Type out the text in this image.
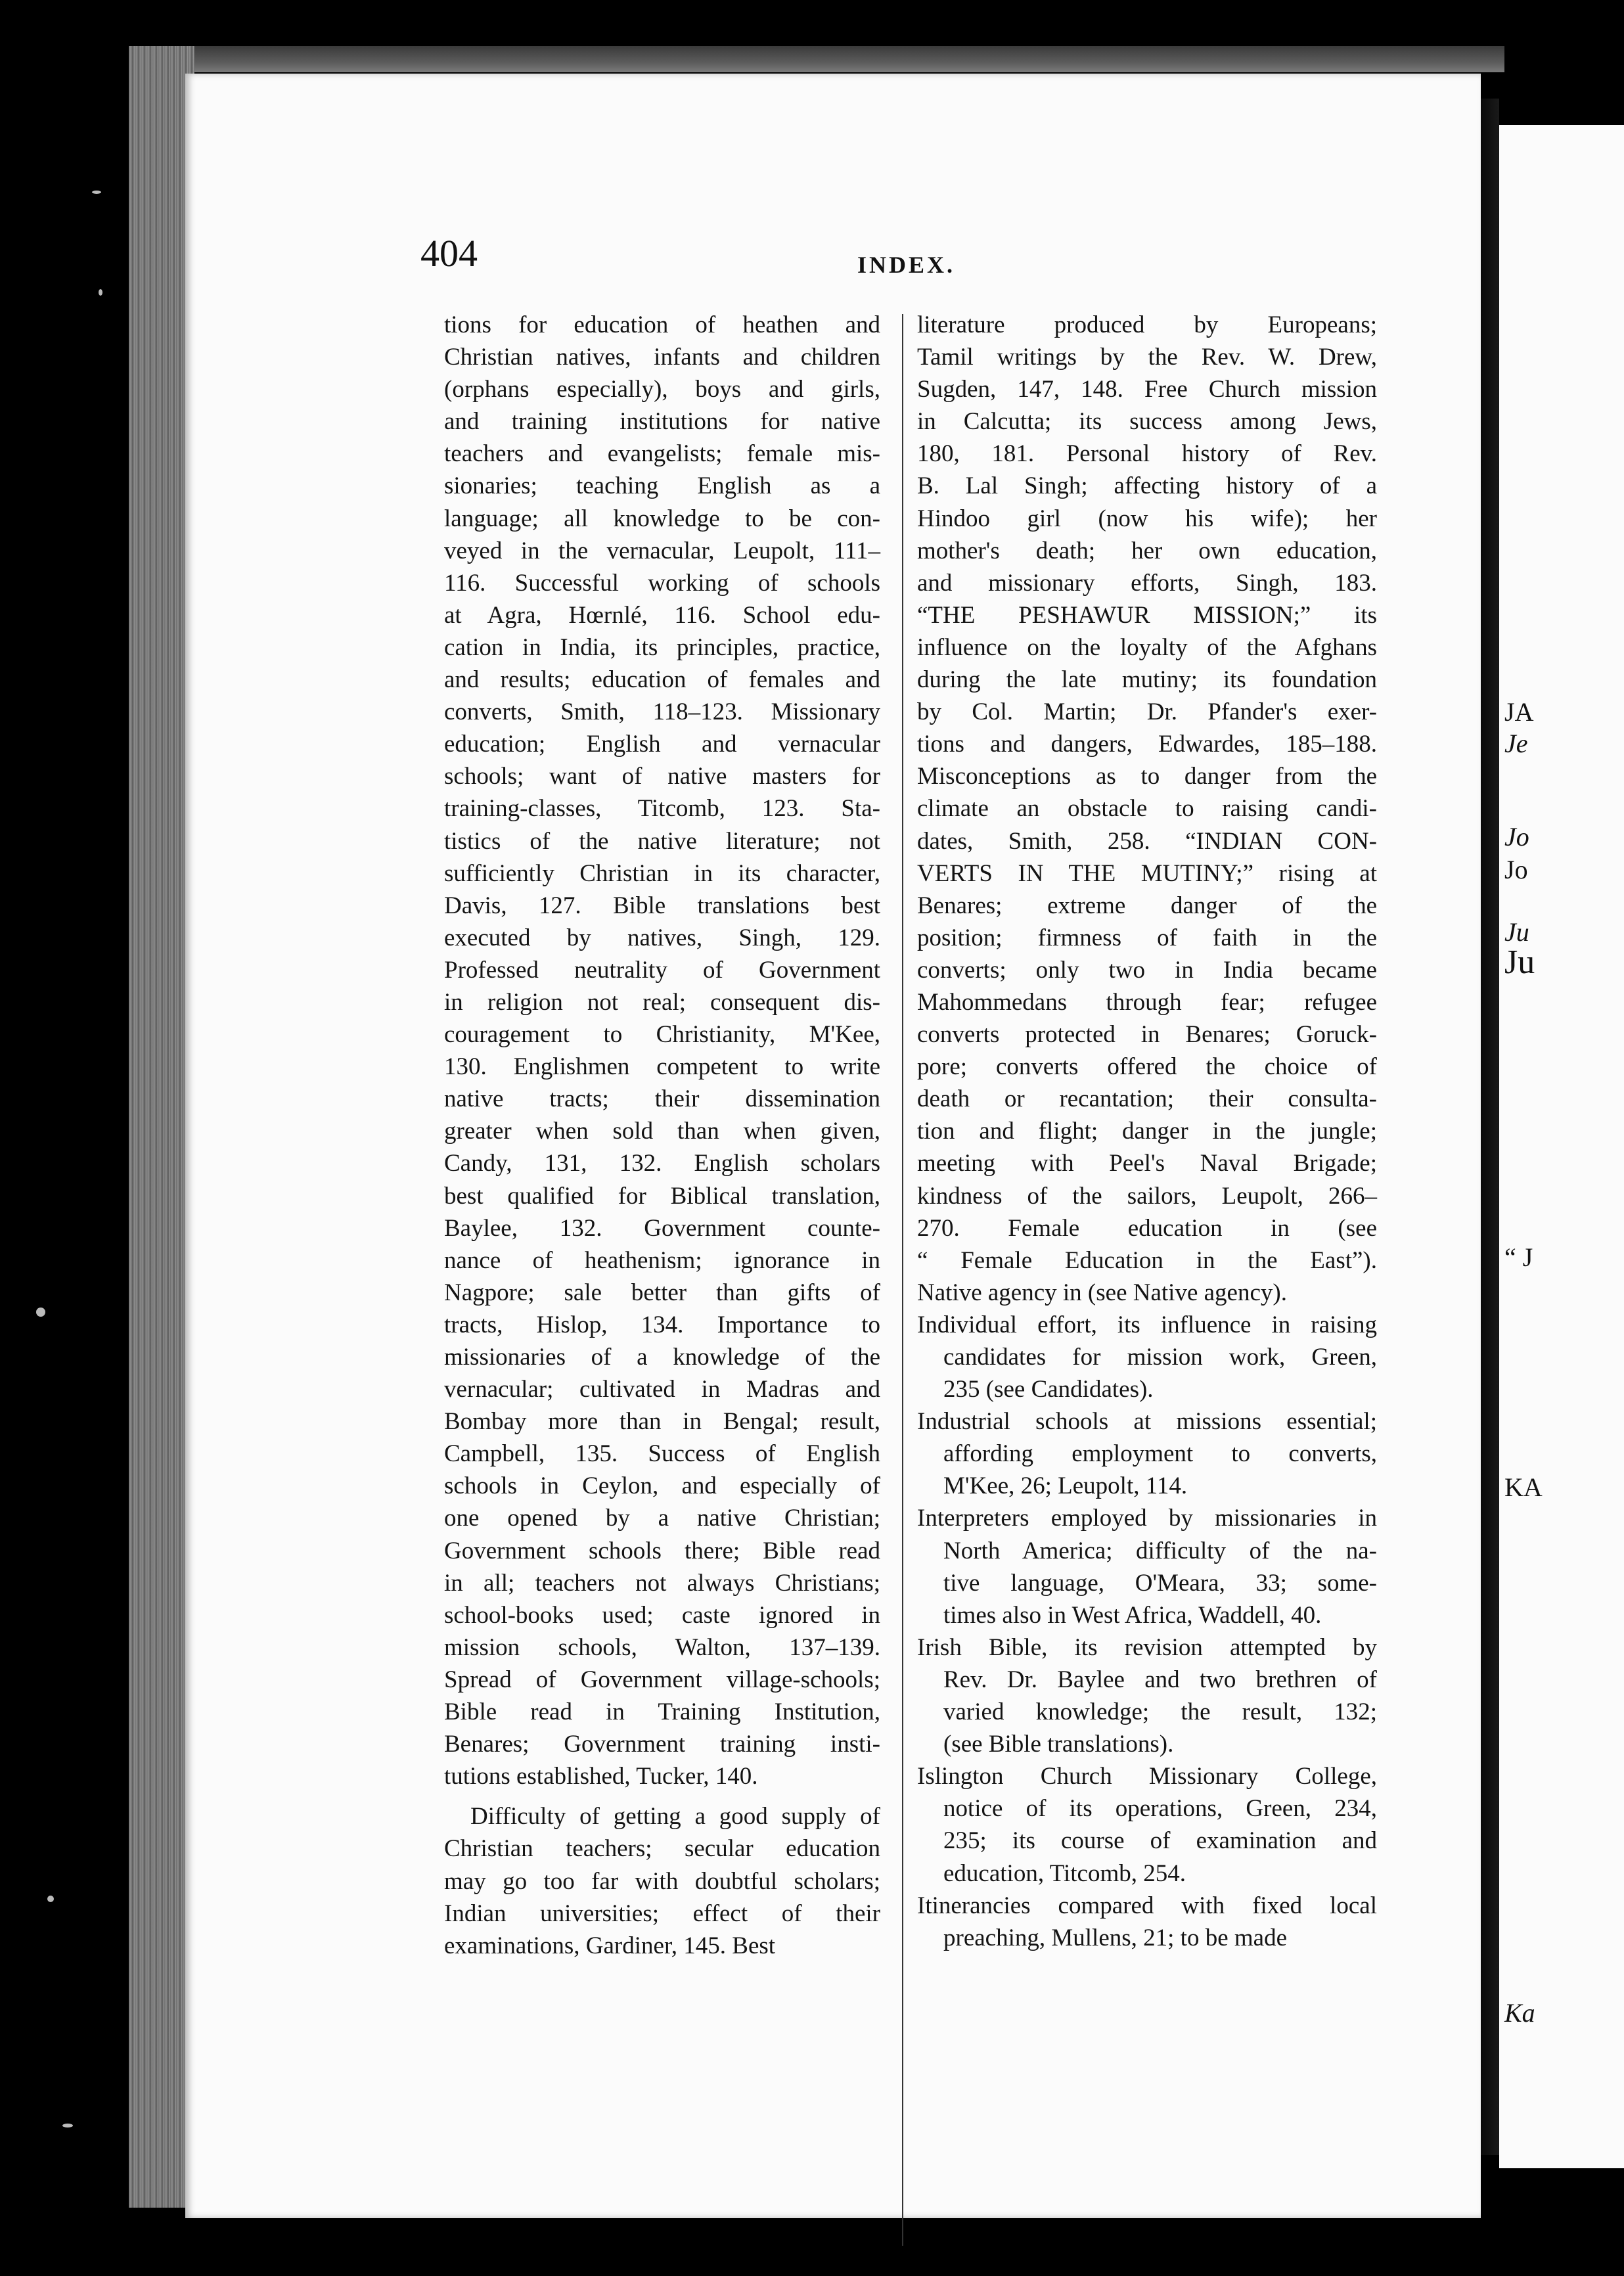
404	INDEX.
tions for education of heathen and
Christian natives, infants and children
(orphans especially), boys and girls,
and training institutions for native
teachers and evangelists; female mis-
sionaries; teaching English as a
language; all knowledge to be con-
veyed in the vernacular, Leupolt, 111–
116. Successful working of schools
at Agra, Hœrnlé, 116. School edu-
cation in India, its principles, practice,
and results; education of females and
converts, Smith, 118–123. Missionary
education; English and vernacular
schools; want of native masters for
training-classes, Titcomb, 123. Sta-
tistics of the native literature; not
sufficiently Christian in its character,
Davis, 127. Bible translations best
executed by natives, Singh, 129.
Professed neutrality of Government
in religion not real; consequent dis-
couragement to Christianity, M'Kee,
130. Englishmen competent to write
native tracts; their dissemination
greater when sold than when given,
Candy, 131, 132. English scholars
best qualified for Biblical translation,
Baylee, 132. Government counte-
nance of heathenism; ignorance in
Nagpore; sale better than gifts of
tracts, Hislop, 134. Importance to
missionaries of a knowledge of the
vernacular; cultivated in Madras and
Bombay more than in Bengal; result,
Campbell, 135. Success of English
schools in Ceylon, and especially of
one opened by a native Christian;
Government schools there; Bible read
in all; teachers not always Christians;
school-books used; caste ignored in
mission schools, Walton, 137–139.
Spread of Government village-schools;
Bible read in Training Institution,
Benares; Government training insti-
tutions established, Tucker, 140.
Difficulty of getting a good supply of
Christian teachers; secular education
may go too far with doubtful scholars;
Indian universities; effect of their
examinations, Gardiner, 145. Best
literature produced by Europeans;
Tamil writings by the Rev. W. Drew,
Sugden, 147, 148. Free Church mission
in Calcutta; its success among Jews,
180, 181. Personal history of Rev.
B. Lal Singh; affecting history of a
Hindoo girl (now his wife); her
mother's death; her own education,
and missionary efforts, Singh, 183.
“THE PESHAWUR MISSION;” its
influence on the loyalty of the Afghans
during the late mutiny; its foundation
by Col. Martin; Dr. Pfander's exer-
tions and dangers, Edwardes, 185–188.
Misconceptions as to danger from the
climate an obstacle to raising candi-
dates, Smith, 258. “INDIAN CON-
VERTS IN THE MUTINY;” rising at
Benares; extreme danger of the
position; firmness of faith in the
converts; only two in India became
Mahommedans through fear; refugee
converts protected in Benares; Goruck-
pore; converts offered the choice of
death or recantation; their consulta-
tion and flight; danger in the jungle;
meeting with Peel's Naval Brigade;
kindness of the sailors, Leupolt, 266–
270. Female education in (see
“ Female Education in the East”).
Native agency in (see Native agency).
Individual effort, its influence in raising
candidates for mission work, Green,
235 (see Candidates).
Industrial schools at missions essential;
affording employment to converts,
M'Kee, 26; Leupolt, 114.
Interpreters employed by missionaries in
North America; difficulty of the na-
tive language, O'Meara, 33; some-
times also in West Africa, Waddell, 40.
Irish Bible, its revision attempted by
Rev. Dr. Baylee and two brethren of
varied knowledge; the result, 132;
(see Bible translations).
Islington Church Missionary College,
notice of its operations, Green, 234,
235; its course of examination and
education, Titcomb, 254.
Itinerancies compared with fixed local
preaching, Mullens, 21; to be made
JA
Je
Jo
Jo
Ju
Ju
“ J
KA
Ka
